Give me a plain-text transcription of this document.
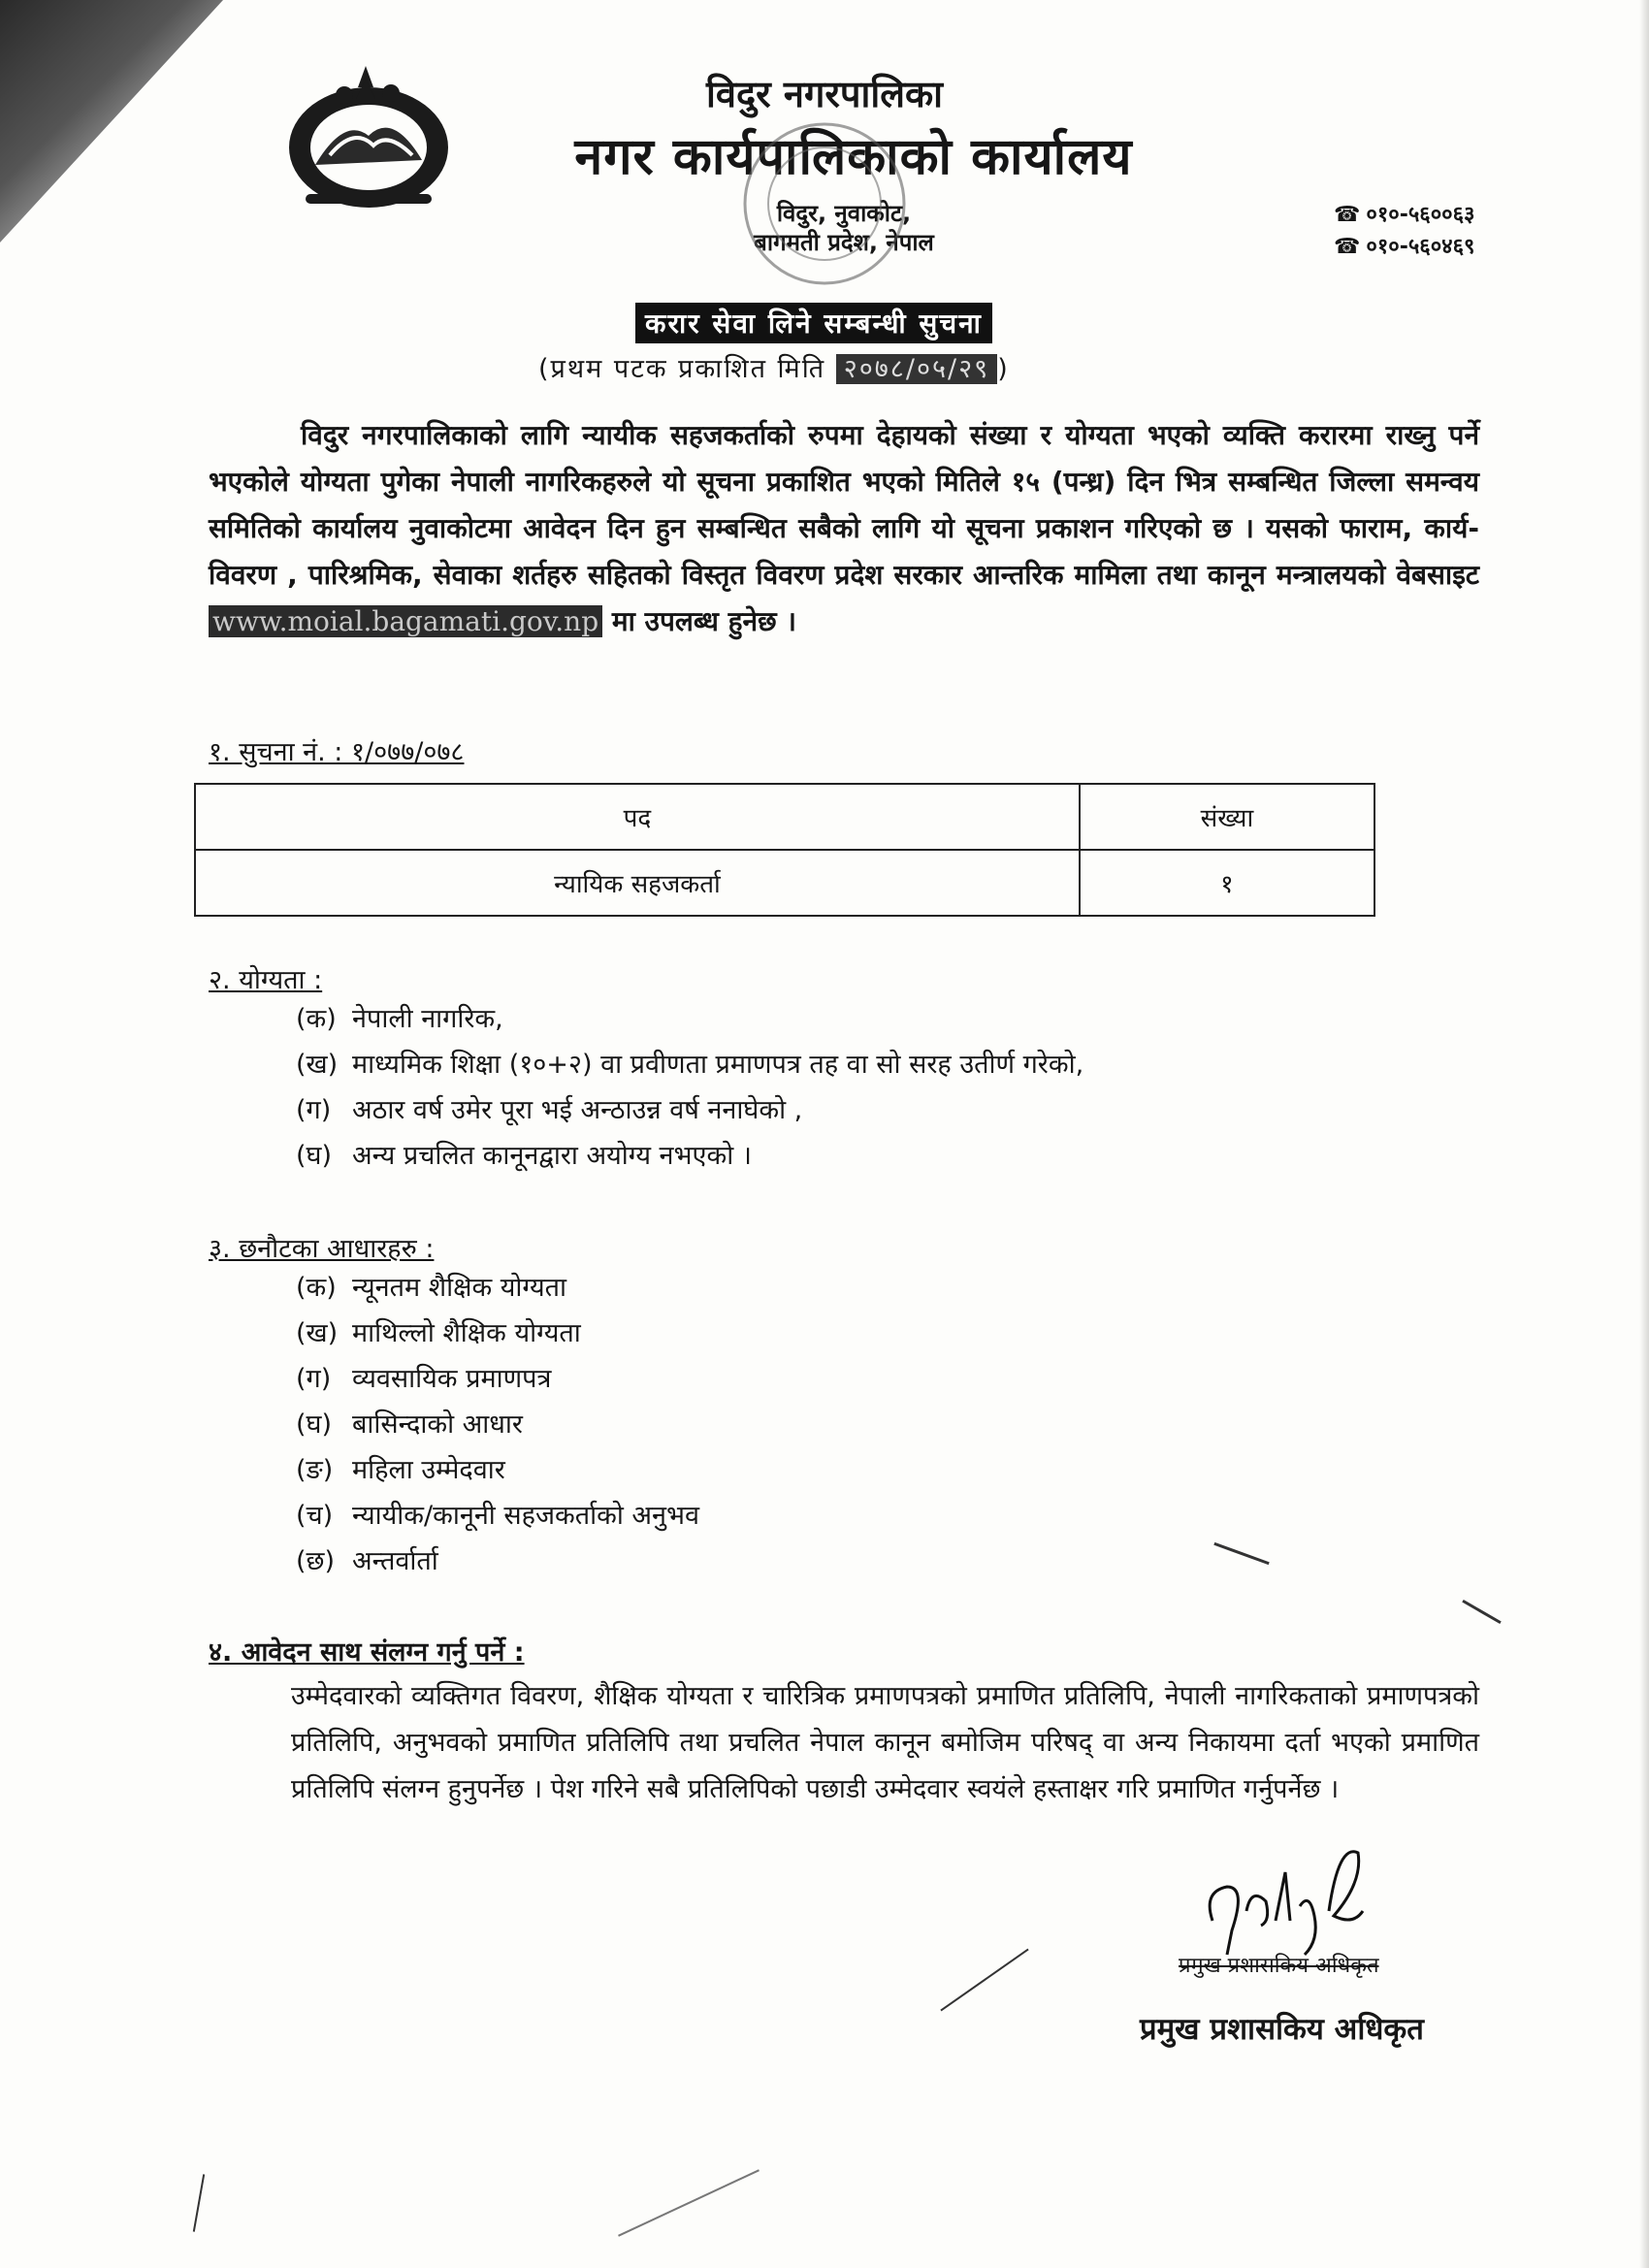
विदुर नगरपालिका
नगर कार्यपालिकाको कार्यालय
विदुर, नुवाकोट,
बागमती प्रदेश, नेपाल
☎ ०१०-५६००६३
☎ ०१०-५६०४६९
करार सेवा लिने सम्बन्धी सुचना
(प्रथम पटक प्रकाशित मिति २०७८/०५/२९ )
विदुर नगरपालिकाको लागि न्यायीक सहजकर्ताको रुपमा देहायको संख्या र योग्यता भएको व्यक्ति करारमा राख्नु पर्ने भएकोले योग्यता पुगेका नेपाली नागरिकहरुले यो सूचना प्रकाशित भएको मितिले १५ (पन्ध्र) दिन भित्र सम्बन्धित जिल्ला समन्वय समितिको कार्यालय नुवाकोटमा आवेदन दिन हुन सम्बन्धित सबैको लागि यो सूचना प्रकाशन गरिएको छ । यसको फाराम, कार्य-विवरण , पारिश्रमिक, सेवाका शर्तहरु सहितको विस्तृत विवरण प्रदेश सरकार आन्तरिक मामिला तथा कानून मन्त्रालयको वेबसाइट www.moial.bagamati.gov.np मा उपलब्ध हुनेछ ।
१. सुचना नं. : १/०७७/०७८
पद	संख्या
न्यायिक सहजकर्ता	१
२. योग्यता :
(क) नेपाली नागरिक,
(ख) माध्यमिक शिक्षा (१०+२) वा प्रवीणता प्रमाणपत्र तह वा सो सरह उतीर्ण गरेको,
(ग) अठार वर्ष उमेर पूरा भई अन्ठाउन्न वर्ष ननाघेको ,
(घ) अन्य प्रचलित कानूनद्वारा अयोग्य नभएको ।
३. छनौटका आधारहरु :
(क) न्यूनतम शैक्षिक योग्यता
(ख) माथिल्लो शैक्षिक योग्यता
(ग) व्यवसायिक प्रमाणपत्र
(घ) बासिन्दाको आधार
(ङ) महिला उम्मेदवार
(च) न्यायीक/कानूनी सहजकर्ताको अनुभव
(छ) अन्तर्वार्ता
४. आवेदन साथ संलग्न गर्नु पर्ने :
उम्मेदवारको व्यक्तिगत विवरण, शैक्षिक योग्यता र चारित्रिक प्रमाणपत्रको प्रमाणित प्रतिलिपि, नेपाली नागरिकताको प्रमाणपत्रको प्रतिलिपि, अनुभवको प्रमाणित प्रतिलिपि तथा प्रचलित नेपाल कानून बमोजिम परिषद् वा अन्य निकायमा दर्ता भएको प्रमाणित प्रतिलिपि संलग्न हुनुपर्नेछ । पेश गरिने सबै प्रतिलिपिको पछाडी उम्मेदवार स्वयंले हस्ताक्षर गरि प्रमाणित गर्नुपर्नेछ ।
प्रमुख प्रशासकिय अधिकृत
प्रमुख प्रशासकिय अधिकृत
